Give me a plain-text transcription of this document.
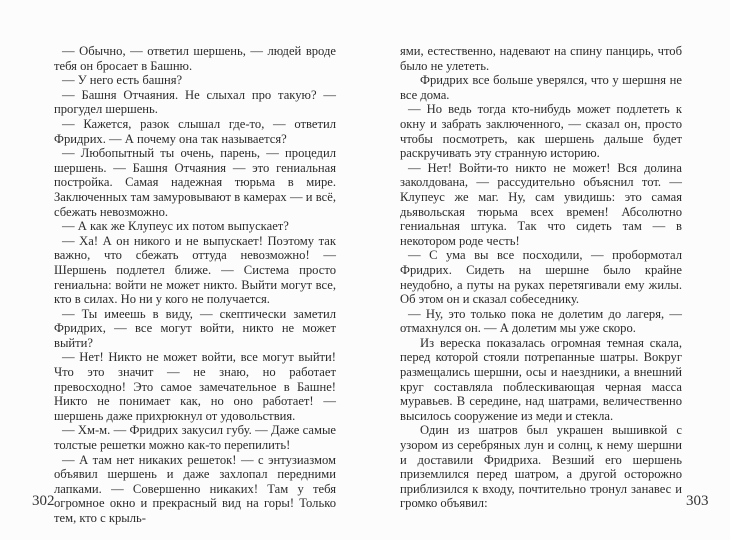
— Обычно, — ответил шершень, — людей вроде тебя он бросает в Башню.

— У него есть башня?

— Башня Отчаяния. Не слыхал про такую? — прогудел шершень.

— Кажется, разок слышал где-то, — ответил Фридрих. — А почему она так называется?

— Любопытный ты очень, парень, — процедил шершень. — Башня Отчаяния — это гениальная постройка. Самая надежная тюрьма в мире. Заключенных там замуровывают в камерах — и всё, сбежать невозможно.

— А как же Клупеус их потом выпускает?

— Ха! А он никого и не выпускает! Поэтому так важно, что сбежать оттуда невозможно! — Шершень подлетел ближе. — Система просто гениальна: войти не может никто. Выйти могут все, кто в силах. Но ни у кого не получается.

— Ты имеешь в виду, — скептически заметил Фридрих, — все могут войти, никто не может выйти?

— Нет! Никто не может войти, все могут выйти! Что это значит — не знаю, но работает превосходно! Это самое замечательное в Башне! Никто не понимает как, но оно работает! — шершень даже прихрюкнул от удовольствия.

— Хм-м. — Фридрих закусил губу. — Даже самые толстые решетки можно как-то перепилить!

— А там нет никаких решеток! — с энтузиазмом объявил шершень и даже захлопал передними лапками. — Совершенно никаких! Там у тебя огромное окно и прекрасный вид на горы! Только тем, кто с крыль-

ями, естественно, надевают на спину панцирь, чтоб было не улететь.

Фридрих все больше уверялся, что у шершня не все дома.

— Но ведь тогда кто-нибудь может подлететь к окну и забрать заключенного, — сказал он, просто чтобы посмотреть, как шершень дальше будет раскручивать эту странную историю.

— Нет! Войти-то никто не может! Вся долина заколдована, — рассудительно объяснил тот. — Клупеус же маг. Ну, сам увидишь: это самая дьявольская тюрьма всех времен! Абсолютно гениальная штука. Так что сидеть там — в некотором роде честь!

— С ума вы все посходили, — пробормотал Фридрих. Сидеть на шершне было крайне неудобно, а путы на руках перетягивали ему жилы. Об этом он и сказал собеседнику.

— Ну, это только пока не долетим до лагеря, — отмахнулся он. — А долетим мы уже скоро.

Из вереска показалась огромная темная скала, перед которой стояли потрепанные шатры. Вокруг размещались шершни, осы и наездники, а внешний круг составляла поблескивающая черная масса муравьев. В середине, над шатрами, величественно высилось сооружение из меди и стекла.

Один из шатров был украшен вышивкой с узором из серебряных лун и солнц, к нему шершни и доставили Фридриха. Везший его шершень приземлился перед шатром, а другой осторожно приблизился к входу, почтительно тронул занавес и громко объявил:

302	303
